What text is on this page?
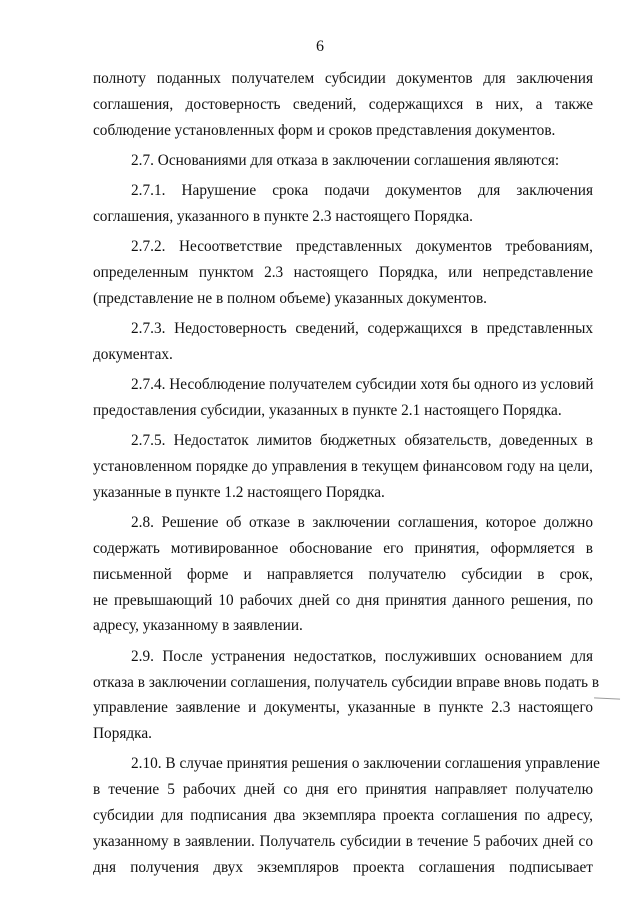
6
полноту поданных получателем субсидии документов для заключения
соглашения, достоверность сведений, содержащихся в них, а также
соблюдение установленных форм и сроков представления документов.
2.7. Основаниями для отказа в заключении соглашения являются:
2.7.1. Нарушение срока подачи документов для заключения
соглашения, указанного в пункте 2.3 настоящего Порядка.
2.7.2. Несоответствие представленных документов требованиям,
определенным пунктом 2.3 настоящего Порядка, или непредставление
(представление не в полном объеме) указанных документов.
2.7.3. Недостоверность сведений, содержащихся в представленных
документах.
2.7.4. Несоблюдение получателем субсидии хотя бы одного из условий
предоставления субсидии, указанных в пункте 2.1 настоящего Порядка.
2.7.5. Недостаток лимитов бюджетных обязательств, доведенных в
установленном порядке до управления в текущем финансовом году на цели,
указанные в пункте 1.2 настоящего Порядка.
2.8. Решение об отказе в заключении соглашения, которое должно
содержать мотивированное обоснование его принятия, оформляется в
письменной форме и направляется получателю субсидии в срок,
не превышающий 10 рабочих дней со дня принятия данного решения, по
адресу, указанному в заявлении.
2.9. После устранения недостатков, послуживших основанием для
отказа в заключении соглашения, получатель субсидии вправе вновь подать в
управление заявление и документы, указанные в пункте 2.3 настоящего
Порядка.
2.10. В случае принятия решения о заключении соглашения управление
в течение 5 рабочих дней со дня его принятия направляет получателю
субсидии для подписания два экземпляра проекта соглашения по адресу,
указанному в заявлении. Получатель субсидии в течение 5 рабочих дней со
дня получения двух экземпляров проекта соглашения подписывает
